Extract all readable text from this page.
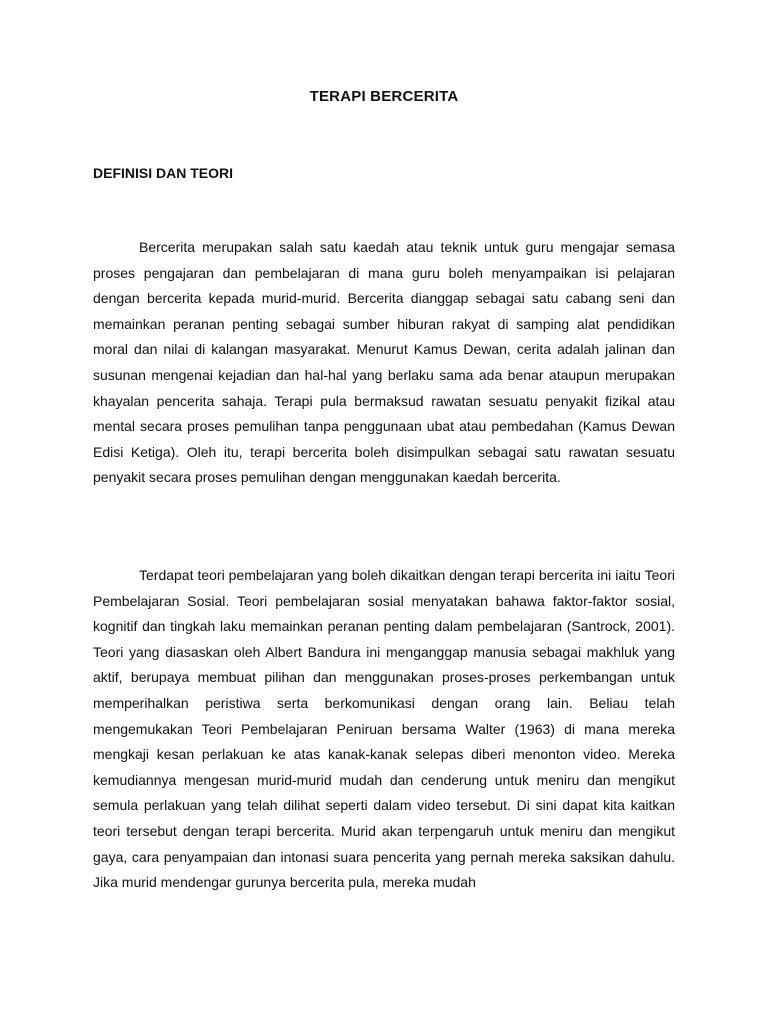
TERAPI BERCERITA
DEFINISI DAN TEORI

Bercerita merupakan salah satu kaedah atau teknik untuk guru mengajar semasa proses pengajaran dan pembelajaran di mana guru boleh menyampaikan isi pelajaran dengan bercerita kepada murid-murid. Bercerita dianggap sebagai satu cabang seni dan memainkan peranan penting sebagai sumber hiburan rakyat di samping alat pendidikan moral dan nilai di kalangan masyarakat. Menurut Kamus Dewan, cerita adalah jalinan dan susunan mengenai kejadian dan hal-hal yang berlaku sama ada benar ataupun merupakan khayalan pencerita sahaja. Terapi pula bermaksud rawatan sesuatu penyakit fizikal atau mental secara proses pemulihan tanpa penggunaan ubat atau pembedahan (Kamus Dewan Edisi Ketiga). Oleh itu, terapi bercerita boleh disimpulkan sebagai satu rawatan sesuatu penyakit secara proses pemulihan dengan menggunakan kaedah bercerita.

Terdapat teori pembelajaran yang boleh dikaitkan dengan terapi bercerita ini iaitu Teori Pembelajaran Sosial. Teori pembelajaran sosial menyatakan bahawa faktor-faktor sosial, kognitif dan tingkah laku memainkan peranan penting dalam pembelajaran (Santrock, 2001). Teori yang diasaskan oleh Albert Bandura ini menganggap manusia sebagai makhluk yang aktif, berupaya membuat pilihan dan menggunakan proses-proses perkembangan untuk memperihalkan peristiwa serta berkomunikasi dengan orang lain. Beliau telah mengemukakan Teori Pembelajaran Peniruan bersama Walter (1963) di mana mereka mengkaji kesan perlakuan ke atas kanak-kanak selepas diberi menonton video. Mereka kemudiannya mengesan murid-murid mudah dan cenderung untuk meniru dan mengikut semula perlakuan yang telah dilihat seperti dalam video tersebut. Di sini dapat kita kaitkan teori tersebut dengan terapi bercerita. Murid akan terpengaruh untuk meniru dan mengikut gaya, cara penyampaian dan intonasi suara pencerita yang pernah mereka saksikan dahulu. Jika murid mendengar gurunya bercerita pula, mereka mudah
